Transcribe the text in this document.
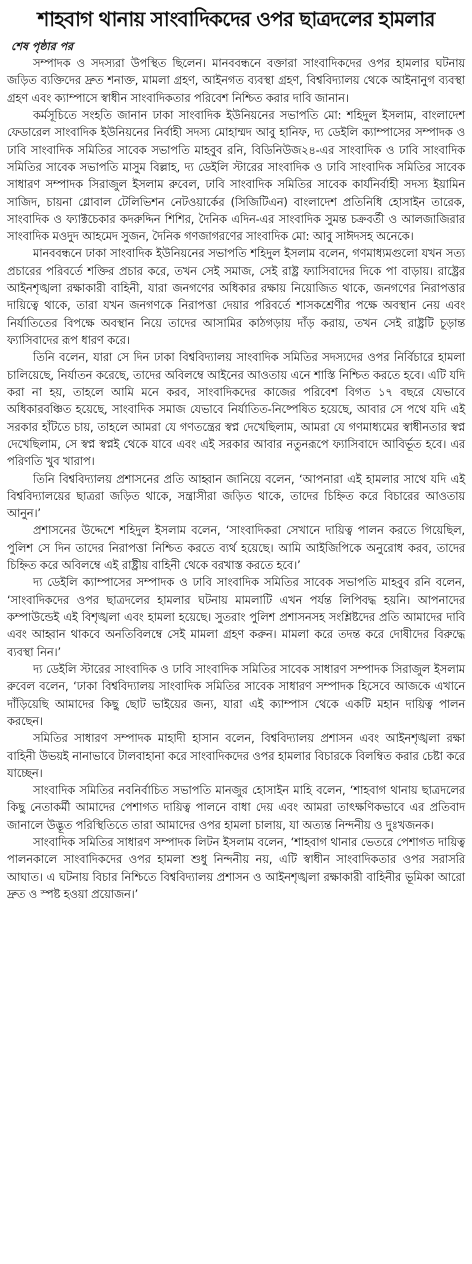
শাহবাগ থানায় সাংবাদিকদের ওপর ছাত্রদলের হামলার
শেষ পৃষ্ঠার পর

সম্পাদক ও সদস্যরা উপস্থিত ছিলেন। মানববন্ধনে বক্তারা সাংবাদিকদের ওপর হামলার ঘটনায় জড়িত ব্যক্তিদের দ্রুত শনাক্ত, মামলা গ্রহণ, আইনগত ব্যবস্থা গ্রহণ, বিশ্ববিদ্যালয় থেকে আইনানুগ ব্যবস্থা গ্রহণ এবং ক্যাম্পাসে স্বাধীন সাংবাদিকতার পরিবেশ নিশ্চিত করার দাবি জানান।

কর্মসূচিতে সংহতি জানান ঢাকা সাংবাদিক ইউনিয়নের সভাপতি মো: শহিদুল ইসলাম, বাংলাদেশ ফেডারেল সাংবাদিক ইউনিয়নের নির্বাহী সদস্য মোহাম্মদ আবু হানিফ, দ্য ডেইলি ক্যাম্পাসের সম্পাদক ও ঢাবি সাংবাদিক সমিতির সাবেক সভাপতি মাহবুব রনি, বিডিনিউজ২৪-এর সাংবাদিক ও ঢাবি সাংবাদিক সমিতির সাবেক সভাপতি মাসুম বিল্লাহ, দ্য ডেইলি স্টারের সাংবাদিক ও ঢাবি সাংবাদিক সমিতির সাবেক সাধারণ সম্পাদক সিরাজুল ইসলাম রুবেল, ঢাবি সাংবাদিক সমিতির সাবেক কার্যনির্বাহী সদস্য ইয়ামিন সাজিদ, চায়না গ্লোবাল টেলিভিশন নেটওয়ার্কের (সিজিটিএন) বাংলাদেশ প্রতিনিধি হোসাইন তারেক, সাংবাদিক ও ফ্যাক্টচেকার কদরুদ্দিন শিশির, দৈনিক এদিন-এর সাংবাদিক সুমন্ত চক্রবর্তী ও আলজাজিরার সাংবাদিক মওদুদ আহমেদ সুজন, দৈনিক গণজাগরণের সাংবাদিক মো: আবু সাঈদসহ অনেকে।

মানববন্ধনে ঢাকা সাংবাদিক ইউনিয়নের সভাপতি শহিদুল ইসলাম বলেন, গণমাধ্যমগুলো যখন সত্য প্রচারের পরিবর্তে শক্তির প্রচার করে, তখন সেই সমাজ, সেই রাষ্ট্র ফ্যাসিবাদের দিকে পা বাড়ায়। রাষ্ট্রের আইনশৃঙ্খলা রক্ষাকারী বাহিনী, যারা জনগণের অধিকার রক্ষায় নিয়োজিত থাকে, জনগণের নিরাপত্তার দায়িত্বে থাকে, তারা যখন জনগণকে নিরাপত্তা দেয়ার পরিবর্তে শাসকশ্রেণীর পক্ষে অবস্থান নেয় এবং নির্যাতিতের বিপক্ষে অবস্থান নিয়ে তাদের আসামির কাঠগড়ায় দাঁড় করায়, তখন সেই রাষ্ট্রটি চূড়ান্ত ফ্যাসিবাদের রূপ ধারণ করে।

তিনি বলেন, যারা সে দিন ঢাকা বিশ্ববিদ্যালয় সাংবাদিক সমিতির সদস্যদের ওপর নির্বিচারে হামলা চালিয়েছে, নির্যাতন করেছে, তাদের অবিলম্বে আইনের আওতায় এনে শাস্তি নিশ্চিত করতে হবে। এটি যদি করা না হয়, তাহলে আমি মনে করব, সাংবাদিকদের কাজের পরিবেশ বিগত ১৭ বছরে যেভাবে অধিকারবঞ্চিত হয়েছে, সাংবাদিক সমাজ যেভাবে নির্যাতিত-নিষ্পেষিত হয়েছে, আবার সে পথে যদি এই সরকার হাঁটতে চায়, তাহলে আমরা যে গণতন্ত্রের স্বপ্ন দেখেছিলাম, আমরা যে গণমাধ্যমের স্বাধীনতার স্বপ্ন দেখেছিলাম, সে স্বপ্ন স্বপ্নই থেকে যাবে এবং এই সরকার আবার নতুনরূপে ফ্যাসিবাদে আবির্ভূত হবে। এর পরিণতি খুব খারাপ।

তিনি বিশ্ববিদ্যালয় প্রশাসনের প্রতি আহ্বান জানিয়ে বলেন, ‘আপনারা এই হামলার সাথে যদি এই বিশ্ববিদ্যালয়ের ছাত্ররা জড়িত থাকে, সন্ত্রাসীরা জড়িত থাকে, তাদের চিহ্নিত করে বিচারের আওতায় আনুন।’

প্রশাসনের উদ্দেশে শহিদুল ইসলাম বলেন, ‘সাংবাদিকরা সেখানে দায়িত্ব পালন করতে গিয়েছিল, পুলিশ সে দিন তাদের নিরাপত্তা নিশ্চিত করতে ব্যর্থ হয়েছে। আমি আইজিপিকে অনুরোধ করব, তাদের চিহ্নিত করে অবিলম্বে এই রাষ্ট্রীয় বাহিনী থেকে বরখাস্ত করতে হবে।’

দ্য ডেইলি ক্যাম্পাসের সম্পাদক ও ঢাবি সাংবাদিক সমিতির সাবেক সভাপতি মাহবুব রনি বলেন, ‘সাংবাদিকদের ওপর ছাত্রদলের হামলার ঘটনায় মামলাটি এখন পর্যন্ত লিপিবদ্ধ হয়নি। আপনাদের কম্পাউন্ডেই এই বিশৃঙ্খলা এবং হামলা হয়েছে। সুতরাং পুলিশ প্রশাসনসহ সংশ্লিষ্টদের প্রতি আমাদের দাবি এবং আহ্বান থাকবে অনতিবিলম্বে সেই মামলা গ্রহণ করুন। মামলা করে তদন্ত করে দোষীদের বিরুদ্ধে ব্যবস্থা নিন।’

দ্য ডেইলি স্টারের সাংবাদিক ও ঢাবি সাংবাদিক সমিতির সাবেক সাধারণ সম্পাদক সিরাজুল ইসলাম রুবেল বলেন, ‘ঢাকা বিশ্ববিদ্যালয় সাংবাদিক সমিতির সাবেক সাধারণ সম্পাদক হিসেবে আজকে এখানে দাঁড়িয়েছি আমাদের কিছু ছোট ভাইয়ের জন্য, যারা এই ক্যাম্পাস থেকে একটি মহান দায়িত্ব পালন করছেন।

সমিতির সাধারণ সম্পাদক মাহাদী হাসান বলেন, বিশ্ববিদ্যালয় প্রশাসন এবং আইনশৃঙ্খলা রক্ষা বাহিনী উভয়ই নানাভাবে টালবাহানা করে সাংবাদিকদের ওপর হামলার বিচারকে বিলম্বিত করার চেষ্টা করে যাচ্ছেন।

সাংবাদিক সমিতির নবনির্বাচিত সভাপতি মানজুর হোসাইন মাহি বলেন, ‘শাহবাগ থানায় ছাত্রদলের কিছু নেতাকর্মী আমাদের পেশাগত দায়িত্ব পালনে বাধা দেয় এবং আমরা তাৎক্ষণিকভাবে এর প্রতিবাদ জানালে উদ্ভূত পরিস্থিতিতে তারা আমাদের ওপর হামলা চালায়, যা অত্যন্ত নিন্দনীয় ও দুঃখজনক।

সাংবাদিক সমিতির সাধারণ সম্পাদক লিটন ইসলাম বলেন, ‘শাহবাগ থানার ভেতরে পেশাগত দায়িত্ব পালনকালে সাংবাদিকদের ওপর হামলা শুধু নিন্দনীয় নয়, এটি স্বাধীন সাংবাদিকতার ওপর সরাসরি আঘাত। এ ঘটনায় বিচার নিশ্চিতে বিশ্ববিদ্যালয় প্রশাসন ও আইনশৃঙ্খলা রক্ষাকারী বাহিনীর ভূমিকা আরো দ্রুত ও স্পষ্ট হওয়া প্রয়োজন।’
